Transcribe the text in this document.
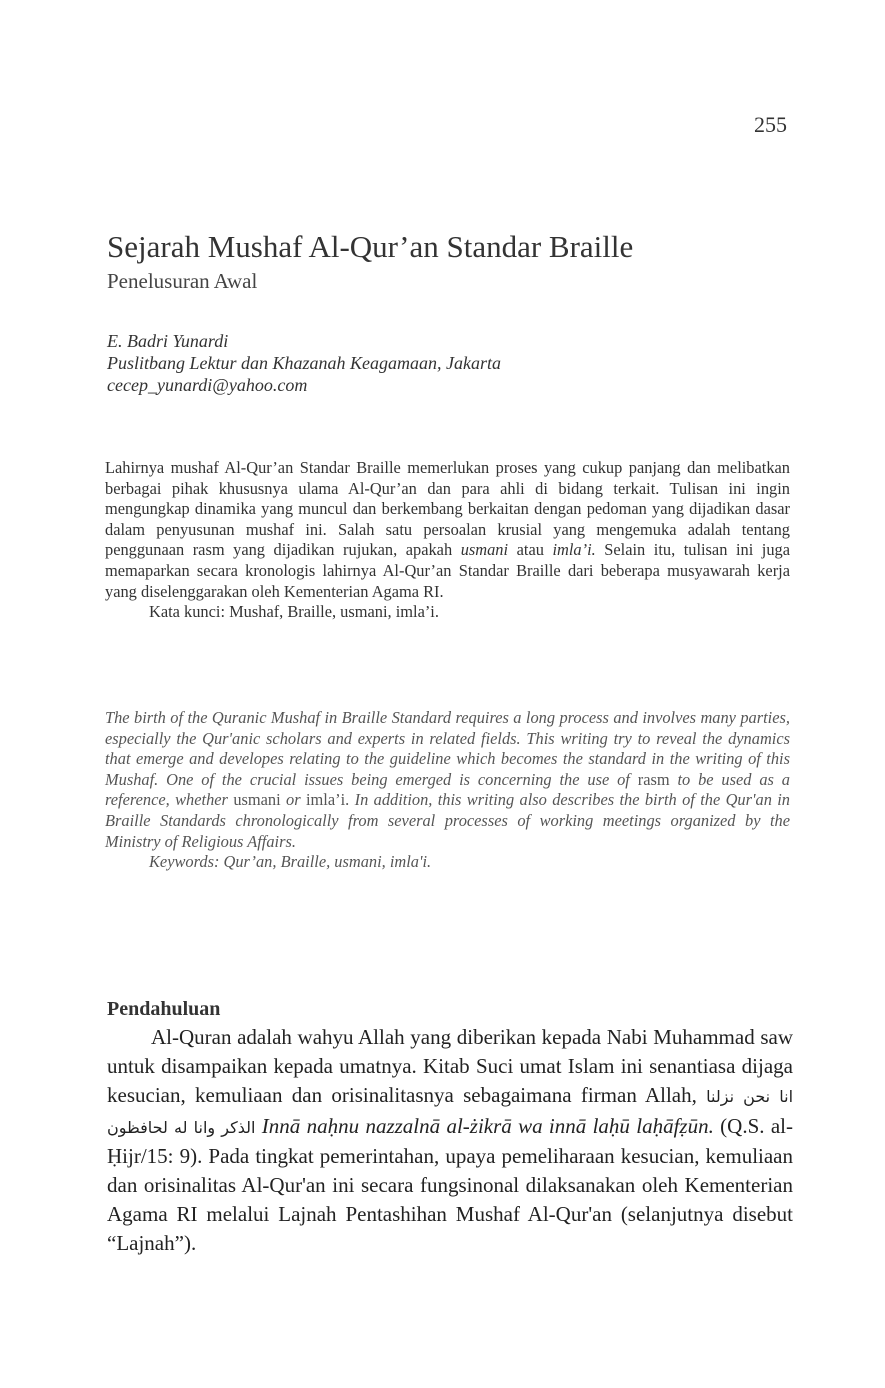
255
Sejarah Mushaf Al-Qur’an Standar Braille
Penelusuran Awal
E. Badri Yunardi
Puslitbang Lektur dan Khazanah Keagamaan, Jakarta
cecep_yunardi@yahoo.com

Lahirnya mushaf Al-Qur’an Standar Braille memerlukan proses yang cukup panjang dan melibatkan berbagai pihak khususnya ulama Al-Qur’an dan para ahli di bidang terkait. Tulisan ini ingin mengungkap dinamika yang muncul dan berkembang berkaitan dengan pedoman yang dijadikan dasar dalam penyusunan mushaf ini. Salah satu persoalan krusial yang mengemuka adalah tentang penggunaan rasm yang dijadikan rujukan, apakah usmani atau imla’i. Selain itu, tulisan ini juga memaparkan secara kronologis lahirnya Al-Qur’an Standar Braille dari beberapa musyawarah kerja yang diselenggarakan oleh Kementerian Agama RI.

Kata kunci: Mushaf, Braille, usmani, imla’i.

The birth of the Quranic Mushaf in Braille Standard requires a long process and involves many parties, especially the Qur'anic scholars and experts in related fields. This writing try to reveal the dynamics that emerge and developes relating to the guideline which becomes the standard in the writing of this Mushaf. One of the crucial issues being emerged is concerning the use of rasm to be used as a reference, whether usmani or imla’i. In addition, this writing also describes the birth of the Qur'an in Braille Standards chronologically from several processes of working meetings organized by the Ministry of Religious Affairs.

Keywords: Qur’an, Braille, usmani, imla'i.

Pendahuluan

Al-Quran adalah wahyu Allah yang diberikan kepada Nabi Muhammad saw untuk disampaikan kepada umatnya. Kitab Suci umat Islam ini senantiasa dijaga kesucian, kemuliaan dan orisinalitasnya sebagaimana firman Allah, انا نحن نزلنا الذكر وانا له لحافظون Innā naḥnu nazzalnā al-żikrā wa innā laḥū laḥāfẓūn. (Q.S. al-Ḥijr/15: 9). Pada tingkat pemerintahan, upaya pemeliharaan kesucian, kemuliaan dan orisinalitas Al-Qur'an ini secara fungsinonal dilaksanakan oleh Kementerian Agama RI melalui Lajnah Pentashihan Mushaf Al-Qur'an (selanjutnya disebut “Lajnah”).
